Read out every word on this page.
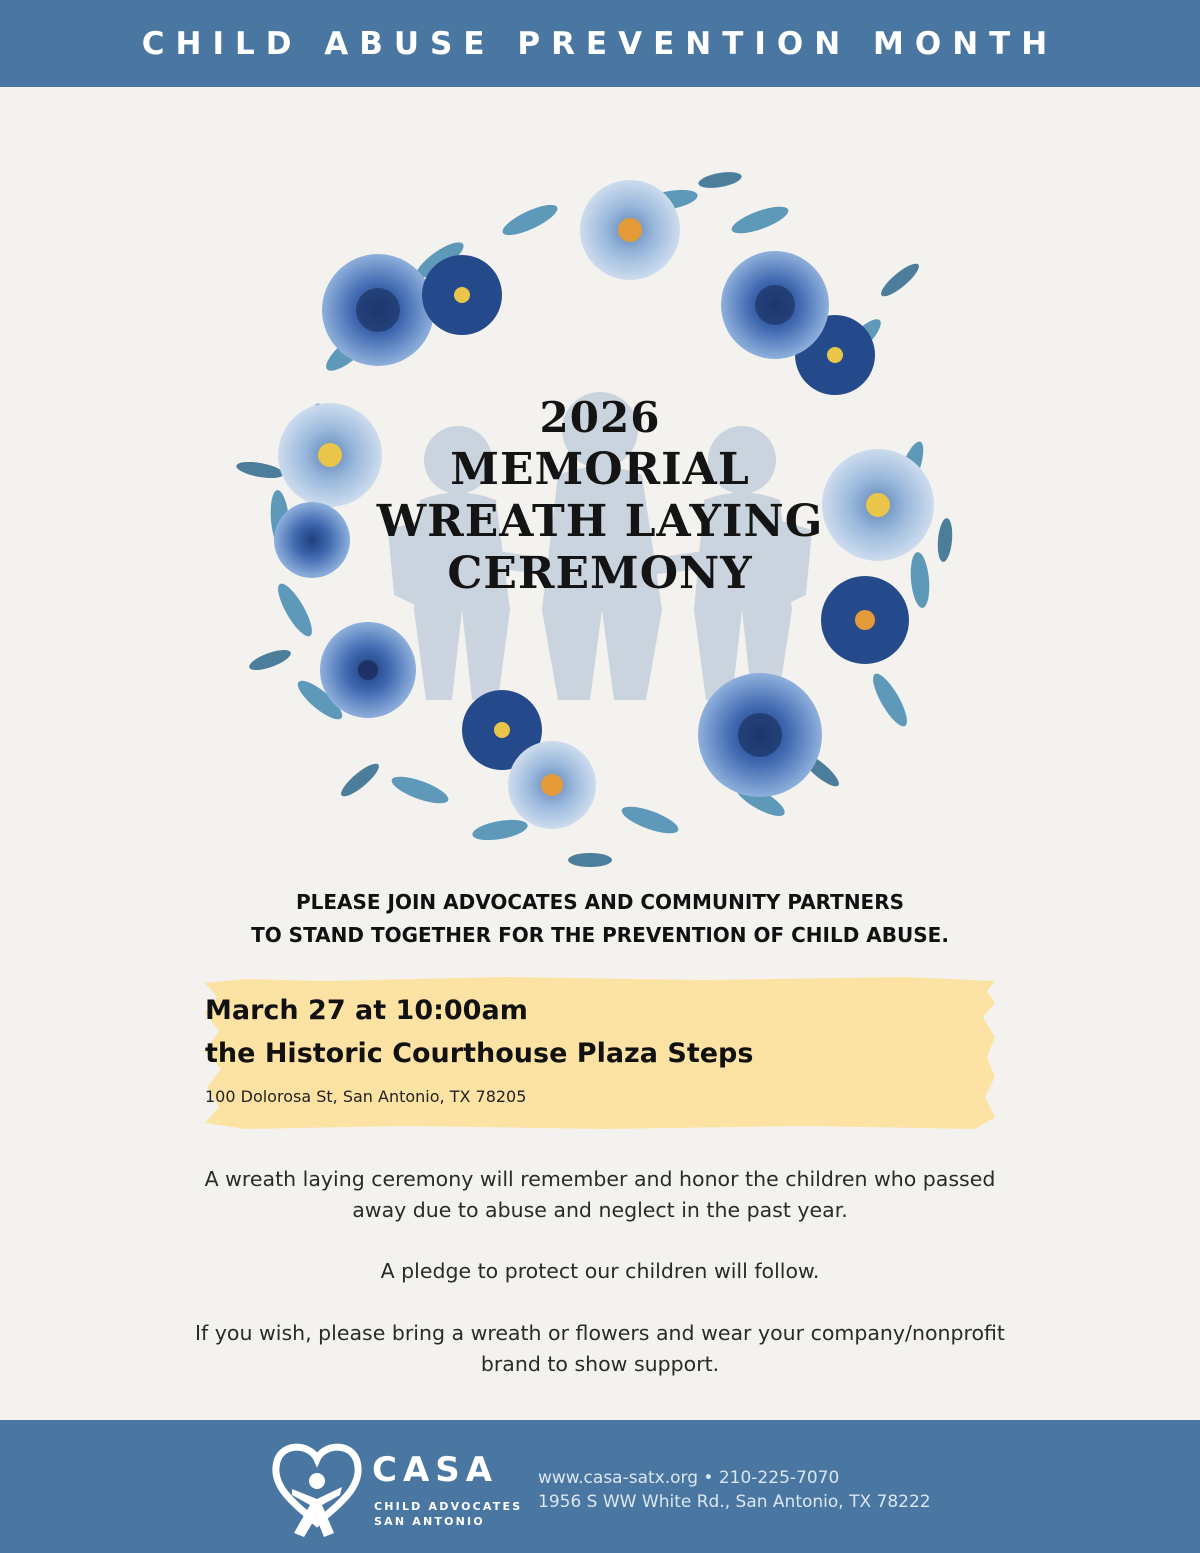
CHILD ABUSE PREVENTION MONTH
2026
MEMORIAL
WREATH LAYING
CEREMONY
PLEASE JOIN ADVOCATES AND COMMUNITY PARTNERS
TO STAND TOGETHER FOR THE PREVENTION OF CHILD ABUSE.
March 27 at 10:00am
the Historic Courthouse Plaza Steps
100 Dolorosa St, San Antonio, TX 78205
A wreath laying ceremony will remember and honor the children who passed
away due to abuse and neglect in the past year.
A pledge to protect our children will follow.
If you wish, please bring a wreath or flowers and wear your company/nonprofit
brand to show support.
CASA
CHILD ADVOCATES
SAN ANTONIO
www.casa-satx.org • 210-225-7070
1956 S WW White Rd., San Antonio, TX 78222
